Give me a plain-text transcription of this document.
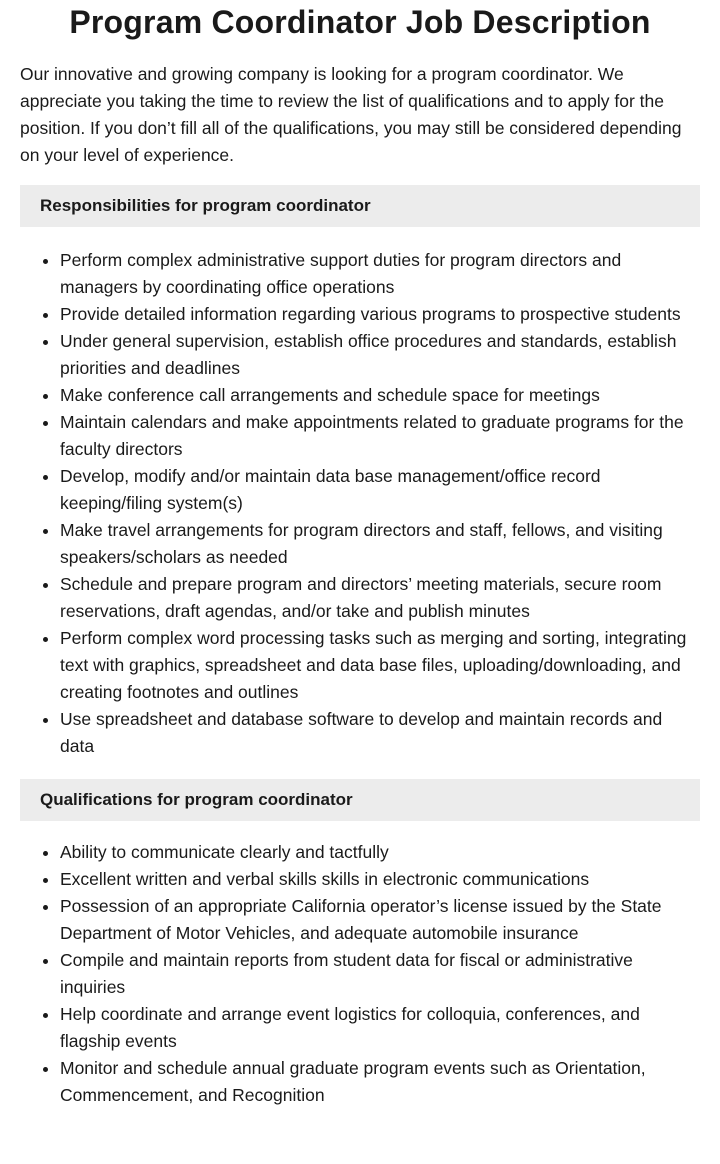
Program Coordinator Job Description

Our innovative and growing company is looking for a program coordinator. We appreciate you taking the time to review the list of qualifications and to apply for the position. If you don’t fill all of the qualifications, you may still be considered depending on your level of experience.

Responsibilities for program coordinator
• Perform complex administrative support duties for program directors and managers by coordinating office operations
• Provide detailed information regarding various programs to prospective students
• Under general supervision, establish office procedures and standards, establish priorities and deadlines
• Make conference call arrangements and schedule space for meetings
• Maintain calendars and make appointments related to graduate programs for the faculty directors
• Develop, modify and/or maintain data base management/office record keeping/filing system(s)
• Make travel arrangements for program directors and staff, fellows, and visiting speakers/scholars as needed
• Schedule and prepare program and directors’ meeting materials, secure room reservations, draft agendas, and/or take and publish minutes
• Perform complex word processing tasks such as merging and sorting, integrating text with graphics, spreadsheet and data base files, uploading/downloading, and creating footnotes and outlines
• Use spreadsheet and database software to develop and maintain records and data
Qualifications for program coordinator
• Ability to communicate clearly and tactfully
• Excellent written and verbal skills skills in electronic communications
• Possession of an appropriate California operator’s license issued by the State Department of Motor Vehicles, and adequate automobile insurance
• Compile and maintain reports from student data for fiscal or administrative inquiries
• Help coordinate and arrange event logistics for colloquia, conferences, and flagship events
• Monitor and schedule annual graduate program events such as Orientation, Commencement, and Recognition
